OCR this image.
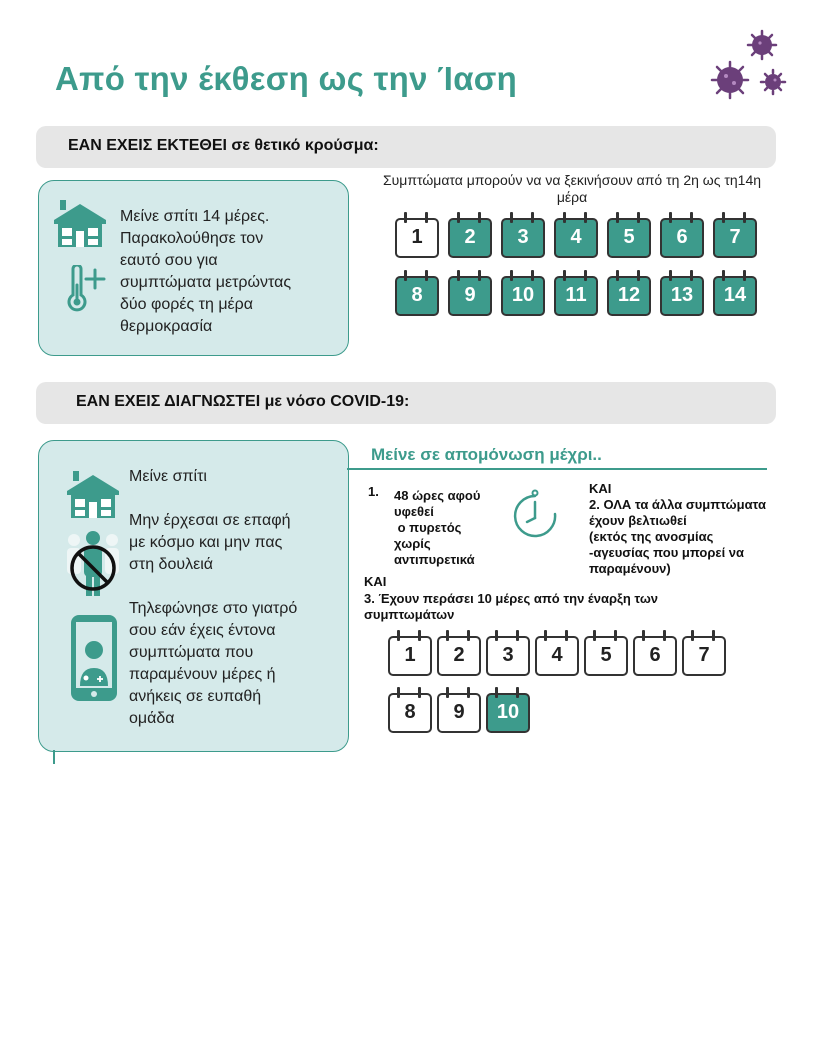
Από την έκθεση ως την Ίαση
ΕΑΝ ΕΧΕΙΣ ΕΚΤΕΘΕΙ σε θετικό κρούσμα:
Μείνε σπίτι 14 μέρες.
Παρακολούθησε τον
εαυτό σου για
συμπτώματα μετρώντας
δύο φορές τη μέρα
θερμοκρασία
Συμπτώματα μπορούν να να ξεκινήσουν από τη 2η ως τη14η
μέρα
1	2	3	4	5	6	7
8	9	10	11	12	13	14
ΕΑΝ ΕΧΕΙΣ ΔΙΑΓΝΩΣΤΕΙ με νόσο COVID-19:
Μείνε σπίτι
Μην έρχεσαι σε επαφή
με κόσμο και μην πας
στη δουλειά
Τηλεφώνησε στο γιατρό
σου εάν έχεις έντονα
συμπτώματα που
παραμένουν μέρες ή
ανήκεις σε ευπαθή
ομάδα
Μείνε σε απομόνωση μέχρι..
1. 48 ώρες αφού
υφεθεί
ο πυρετός
χωρίς
αντιπυρετικά
ΚΑΙ
2. ΟΛΑ τα άλλα συμπτώματα
έχουν βελτιωθεί
(εκτός της ανοσμίας
-αγευσίας που μπορεί να
παραμένουν)
ΚΑΙ
3. Έχουν περάσει 10 μέρες από την έναρξη των
συμπτωμάτων
1	2	3	4	5	6	7
8	9	10
